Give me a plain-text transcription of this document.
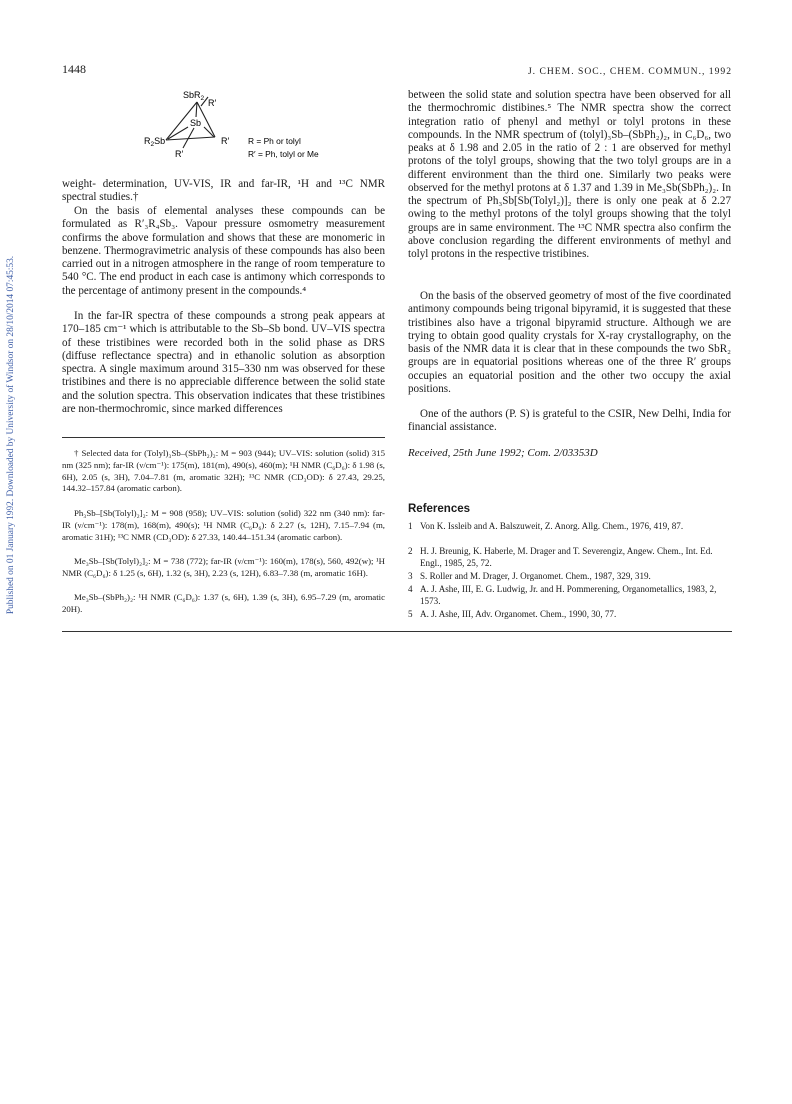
Published on 01 January 1992. Downloaded by University of Windsor on 28/10/2014 07:45:53.
1448	J. CHEM. SOC., CHEM. COMMUN., 1992
SbR$_2$ R′
Sb
$R_2Sb$	R′
R′
R = Ph or tolyl
R′ = Ph, tolyl or Me

weight- determination, UV-VIS, IR and far-IR, ¹H and ¹³C NMR spectral studies.†

On the basis of elemental analyses these compounds can be formulated as R′₃R₄Sb₃. Vapour pressure osmometry measurement confirms the above formulation and shows that these are monomeric in benzene. Thermogravimetric analysis of these compounds has also been carried out in a nitrogen atmosphere in the range of room temperature to 540 °C. The end product in each case is antimony which corresponds to the percentage of antimony present in the compounds.⁴

In the far-IR spectra of these compounds a strong peak appears at 170–185 cm⁻¹ which is attributable to the Sb–Sb bond. UV–VIS spectra of these tristibines were recorded both in the solid phase as DRS (diffuse reflectance spectra) and in ethanolic solution as absorption spectra. A single maximum around 315–330 nm was observed for these tristibines and there is no appreciable difference between the solid state and the solution spectra. This observation indicates that these tristibines are non-thermochromic, since marked differences

† Selected data for (Tolyl)₃Sb–(SbPh₂)₂: M = 903 (944); UV–VIS: solution (solid) 315 nm (325 nm); far-IR (ν/cm⁻¹): 175(m), 181(m), 490(s), 460(m); ¹H NMR (C₆D₆): δ 1.98 (s, 6H), 2.05 (s, 3H), 7.04–7.81 (m, aromatic 32H); ¹³C NMR (CD₃OD): δ 27.43, 29.25, 144.32–157.84 (aromatic carbon).

Ph₃Sb–[Sb(Tolyl)₂]₂: M = 908 (958); UV–VIS: solution (solid) 322 nm (340 nm): far-IR (ν/cm⁻¹): 178(m), 168(m), 490(s); ¹H NMR (C₆D₆): δ 2.27 (s, 12H), 7.15–7.94 (m, aromatic 31H); ¹³C NMR (CD₃OD): δ 27.33, 140.44–151.34 (aromatic carbon).

Me₃Sb–[Sb(Tolyl)₂]₂: M = 738 (772); far-IR (ν/cm⁻¹): 160(m), 178(s), 560, 492(w); ¹H NMR (C₆D₆): δ 1.25 (s, 6H), 1.32 (s, 3H), 2.23 (s, 12H), 6.83–7.38 (m, aromatic 16H).

Me₃Sb–(SbPh₂)₂: ¹H NMR (C₆D₆): 1.37 (s, 6H), 1.39 (s, 3H), 6.95–7.29 (m, aromatic 20H).

between the solid state and solution spectra have been observed for all the thermochromic distibines.⁵ The NMR spectra show the correct integration ratio of phenyl and methyl or tolyl protons in these compounds. In the NMR spectrum of (tolyl)₃Sb–(SbPh₂)₂, in C₆D₆, two peaks at δ 1.98 and 2.05 in the ratio of 2 : 1 are observed for methyl protons of the tolyl groups, showing that the two tolyl groups are in a different environment than the third one. Similarly two peaks were observed for the methyl protons at δ 1.37 and 1.39 in Me₃Sb(SbPh₂)₂. In the spectrum of Ph₃Sb[Sb(Tolyl₂)]₂ there is only one peak at δ 2.27 owing to the methyl protons of the tolyl groups showing that the tolyl groups are in same environment. The ¹³C NMR spectra also confirm the above conclusion regarding the different environments of methyl and tolyl protons in the respective tristibines.

On the basis of the observed geometry of most of the five coordinated antimony compounds being trigonal bipyramid, it is suggested that these tristibines also have a trigonal bipyramid structure. Although we are trying to obtain good quality crystals for X-ray crystallography, on the basis of the NMR data it is clear that in these compounds the two SbR₂ groups are in equatorial positions whereas one of the three R′ groups occupies an equatorial position and the other two occupy the axial positions.

One of the authors (P. S) is grateful to the CSIR, New Delhi, India for financial assistance.

Received, 25th June 1992; Com. 2/03353D

References

1 Von K. Issleib and A. Balszuweit, Z. Anorg. Allg. Chem., 1976, 419, 87.
2 H. J. Breunig, K. Haberle, M. Drager and T. Severengiz, Angew. Chem., Int. Ed. Engl., 1985, 25, 72.
3 S. Roller and M. Drager, J. Organomet. Chem., 1987, 329, 319.
4 A. J. Ashe, III, E. G. Ludwig, Jr. and H. Pommerening, Organometallics, 1983, 2, 1573.
5 A. J. Ashe, III, Adv. Organomet. Chem., 1990, 30, 77.
